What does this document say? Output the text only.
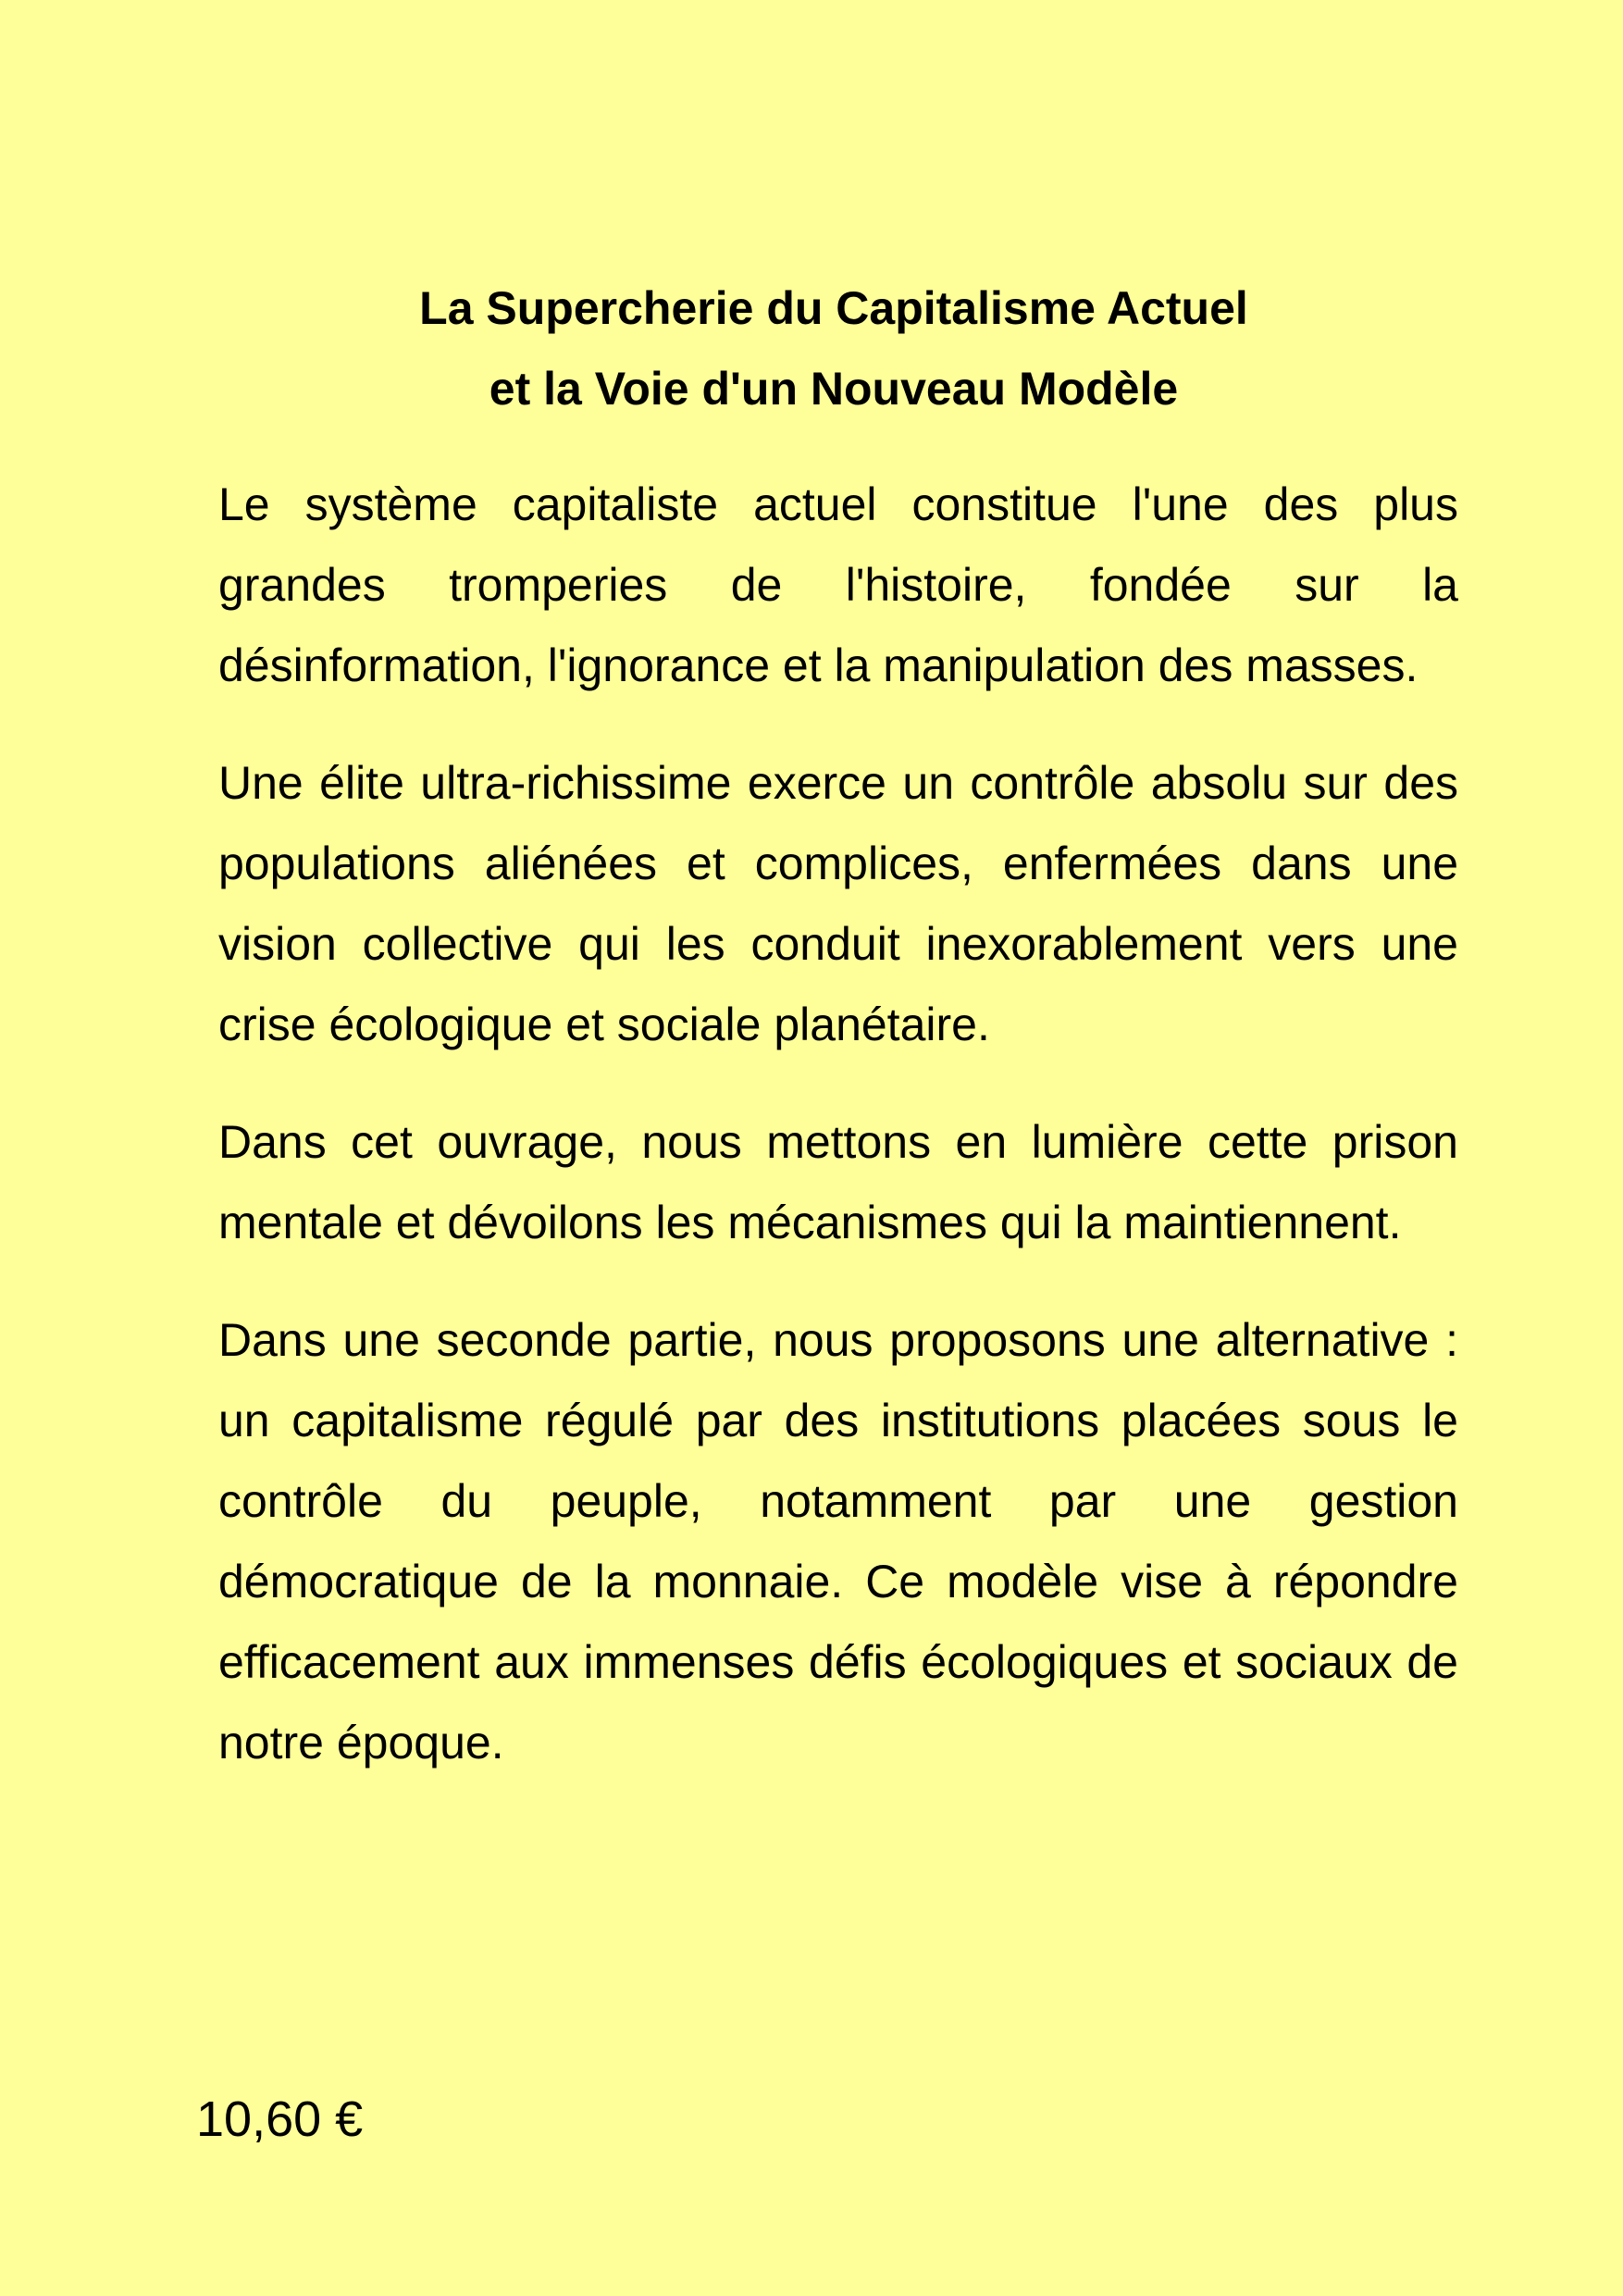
La Supercherie du Capitalisme Actuel
et la Voie d'un Nouveau Modèle

Le système capitaliste actuel constitue l'une des plus grandes tromperies de l'histoire, fondée sur la désinformation, l'ignorance et la manipulation des masses.

Une élite ultra-richissime exerce un contrôle absolu sur des populations aliénées et complices, enfermées dans une vision collective qui les conduit inexorablement vers une crise écologique et sociale planétaire.

Dans cet ouvrage, nous mettons en lumière cette prison mentale et dévoilons les mécanismes qui la maintiennent.

Dans une seconde partie, nous proposons une alternative : un capitalisme régulé par des institutions placées sous le contrôle du peuple, notamment par une gestion démocratique de la monnaie. Ce modèle vise à répondre efficacement aux immenses défis écologiques et sociaux de notre époque.

10,60 €
